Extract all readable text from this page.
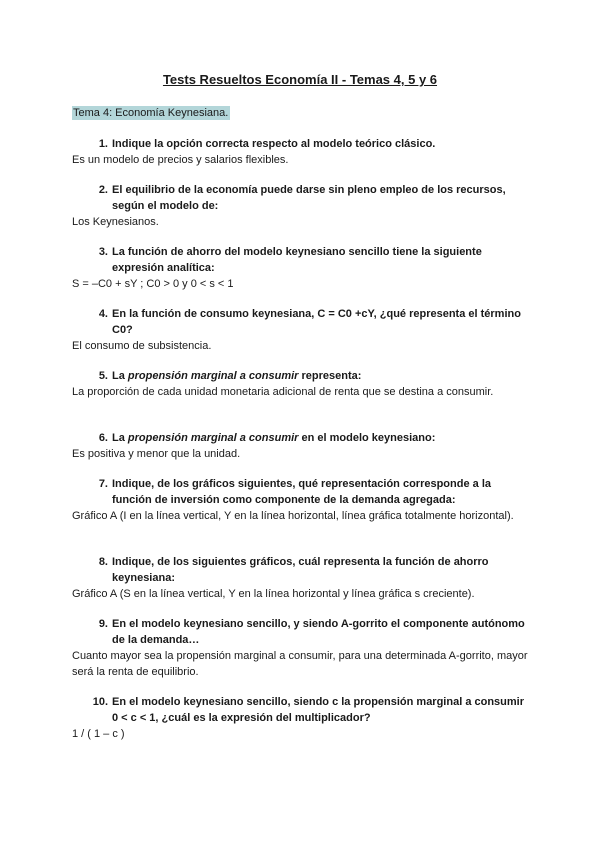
Tests Resueltos Economía II - Temas 4, 5 y 6
Tema 4: Economía Keynesiana.
1. Indique la opción correcta respecto al modelo teórico clásico.
Es un modelo de precios y salarios flexibles.
2. El equilibrio de la economía puede darse sin pleno empleo de los recursos, según el modelo de:
Los Keynesianos.
3. La función de ahorro del modelo keynesiano sencillo tiene la siguiente expresión analítica:
S = –C0 + sY ; C0 > 0 y 0 < s < 1
4. En la función de consumo keynesiana, C = C0 +cY, ¿qué representa el término C0?
El consumo de subsistencia.
5. La propensión marginal a consumir representa:
La proporción de cada unidad monetaria adicional de renta que se destina a consumir.
6. La propensión marginal a consumir en el modelo keynesiano:
Es positiva y menor que la unidad.
7. Indique, de los gráficos siguientes, qué representación corresponde a la función de inversión como componente de la demanda agregada:
Gráfico A (I en la línea vertical, Y en la línea horizontal, línea gráfica totalmente horizontal).
8. Indique, de los siguientes gráficos, cuál representa la función de ahorro keynesiana:
Gráfico A (S en la línea vertical, Y en la línea horizontal y línea gráfica s creciente).
9. En el modelo keynesiano sencillo, y siendo A-gorrito el componente autónomo de la demanda…
Cuanto mayor sea la propensión marginal a consumir, para una determinada A-gorrito, mayor será la renta de equilibrio.
10. En el modelo keynesiano sencillo, siendo c la propensión marginal a consumir 0 < c < 1, ¿cuál es la expresión del multiplicador?
1 / ( 1 – c )
